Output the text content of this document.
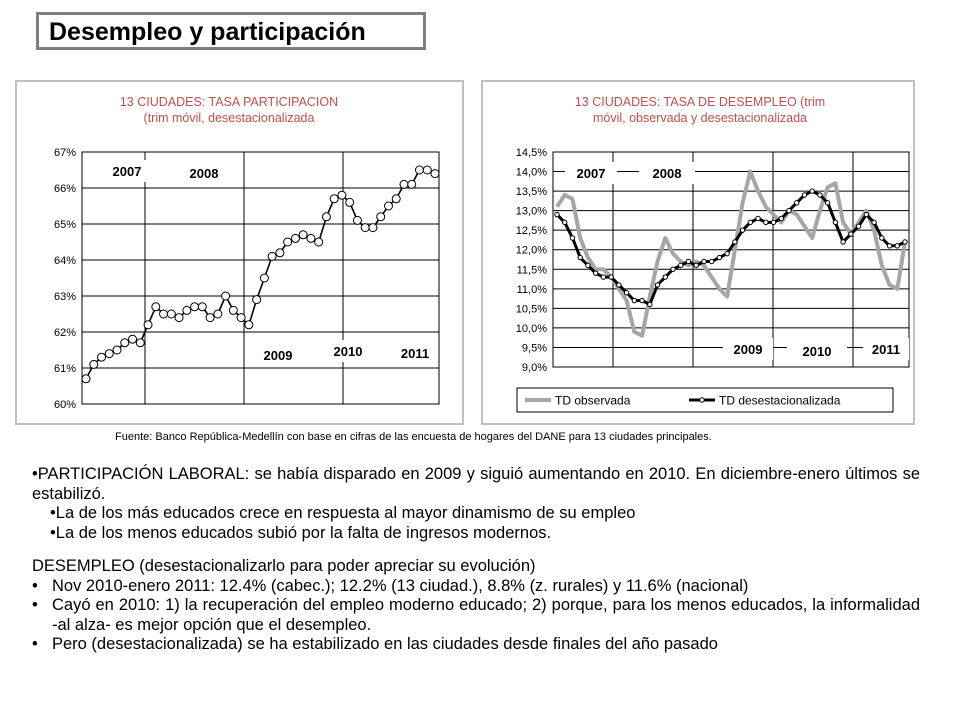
Desempleo y participación
13 CIUDADES: TASA PARTICIPACION
(trim móvil, desestacionalizada
60%
61%
62%
63%
64%
65%
66%
67%
2007	2008
2009	2010	2011
13 CIUDADES: TASA DE DESEMPLEO (trim
móvil, observada y desestacionalizada
9,0%
9,5%
10,0%
10,5%
11,0%
11,5%
12,0%
12,5%
13,0%
13,5%
14,0%
14,5%
2007	2008
2009	2010	2011
TD observada	TD desestacionalizada
Fuente: Banco República-Medellín con base en cifras de las encuesta de hogares del DANE para 13 ciudades principales.

•PARTICIPACIÓN LABORAL: se había disparado en 2009 y siguió aumentando en 2010. En diciembre-enero últimos se estabilizó.

•La de los más educados crece en respuesta al mayor dinamismo de su empleo

•La de los menos educados subió por la falta de ingresos modernos.

DESEMPLEO (desestacionalizarlo para poder apreciar su evolución)

• Nov 2010-enero 2011: 12.4% (cabec.); 12.2% (13 ciudad.), 8.8% (z. rurales) y 11.6% (nacional)

• Cayó en 2010: 1) la recuperación del empleo moderno educado; 2) porque, para los menos educados, la informalidad -al alza- es mejor opción que el desempleo.

• Pero (desestacionalizada) se ha estabilizado en las ciudades desde finales del año pasado
